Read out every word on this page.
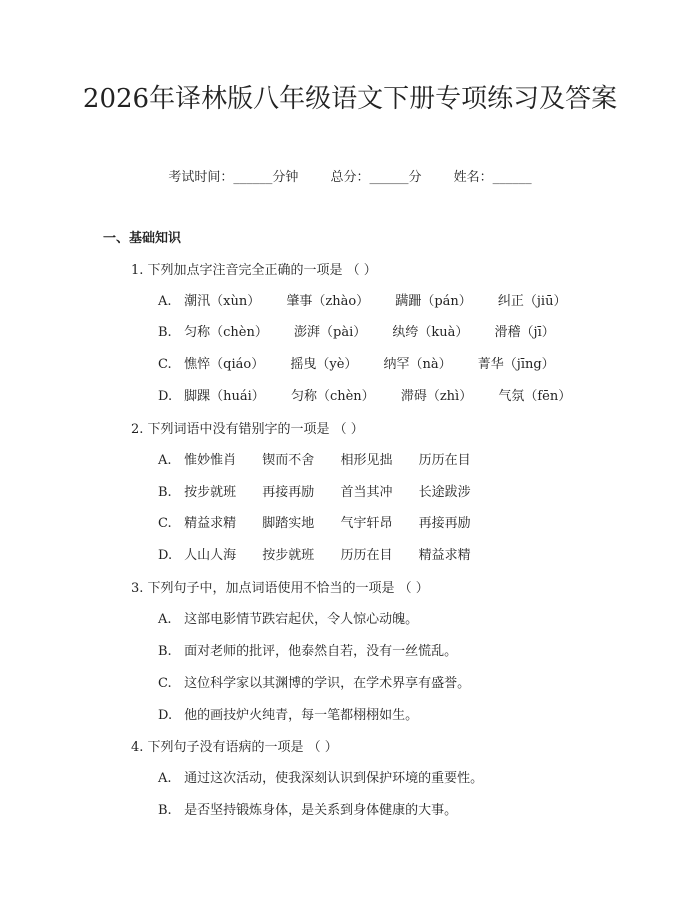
2026年译林版八年级语文下册专项练习及答案
考试时间：______分钟 总分：______分 姓名：______
一、基础知识
1. 下列加点字注音完全正确的一项是 （ ）
A. 潮汛（xùn） 肇事（zhào） 蹒跚（pán） 纠正（jiū）
B. 匀称（chèn） 澎湃（pài） 纨绔（kuà） 滑稽（jī）
C. 憔悴（qiáo） 摇曳（yè） 纳罕（nà） 菁华（jīng）
D. 脚踝（huái） 匀称（chèn） 滞碍（zhì） 气氛（fēn）
2. 下列词语中没有错别字的一项是 （ ）
A. 惟妙惟肖 锲而不舍 相形见拙 历历在目
B. 按步就班 再接再励 首当其冲 长途跋涉
C. 精益求精 脚踏实地 气宇轩昂 再接再励
D. 人山人海 按步就班 历历在目 精益求精
3. 下列句子中，加点词语使用不恰当的一项是 （ ）
A. 这部电影情节跌宕起伏，令人惊心动魄。
B. 面对老师的批评，他泰然自若，没有一丝慌乱。
C. 这位科学家以其渊博的学识，在学术界享有盛誉。
D. 他的画技炉火纯青，每一笔都栩栩如生。
4. 下列句子没有语病的一项是 （ ）
A. 通过这次活动，使我深刻认识到保护环境的重要性。
B. 是否坚持锻炼身体，是关系到身体健康的大事。
